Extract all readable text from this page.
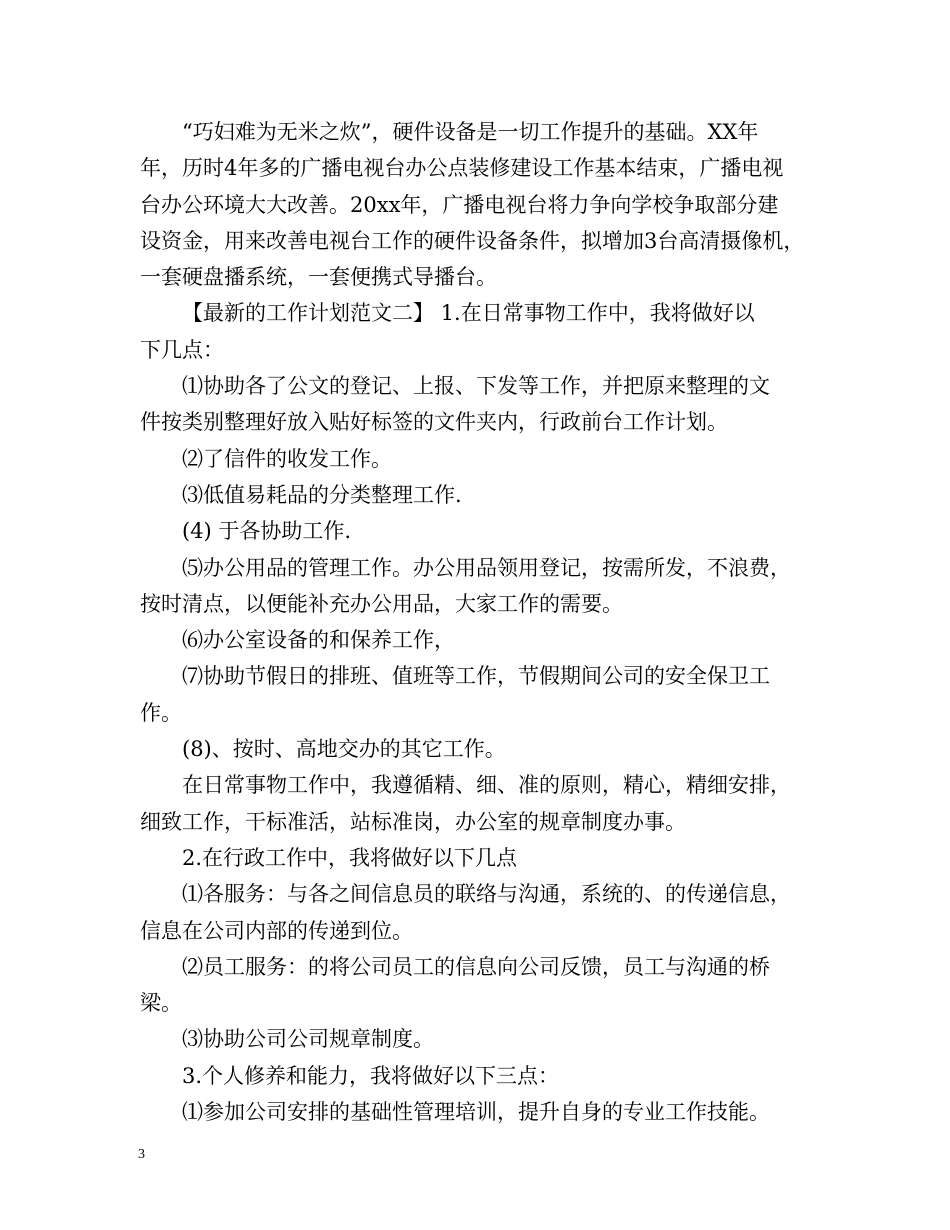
“巧妇难为无米之炊”，硬件设备是一切工作提升的基础。XX年
年，历时4年多的广播电视台办公点装修建设工作基本结束，广播电视
台办公环境大大改善。20xx年，广播电视台将力争向学校争取部分建
设资金，用来改善电视台工作的硬件设备条件，拟增加3台高清摄像机，
一套硬盘播系统，一套便携式导播台。
【最新的工作计划范文二】 1.在日常事物工作中，我将做好以
下几点：
⑴协助各了公文的登记、上报、下发等工作，并把原来整理的文
件按类别整理好放入贴好标签的文件夹内，行政前台工作计划。
⑵了信件的收发工作。
⑶低值易耗品的分类整理工作.
(4) 于各协助工作.
⑸办公用品的管理工作。办公用品领用登记，按需所发，不浪费，
按时清点，以便能补充办公用品，大家工作的需要。
⑹办公室设备的和保养工作，
⑺协助节假日的排班、值班等工作，节假期间公司的安全保卫工
作。
(8)、按时、高地交办的其它工作。
在日常事物工作中，我遵循精、细、准的原则，精心，精细安排，
细致工作，干标准活，站标准岗，办公室的规章制度办事。
2.在行政工作中，我将做好以下几点
⑴各服务：与各之间信息员的联络与沟通，系统的、的传递信息，
信息在公司内部的传递到位。
⑵员工服务：的将公司员工的信息向公司反馈，员工与沟通的桥
梁。
⑶协助公司公司规章制度。
3.个人修养和能力，我将做好以下三点：
⑴参加公司安排的基础性管理培训，提升自身的专业工作技能。

3
